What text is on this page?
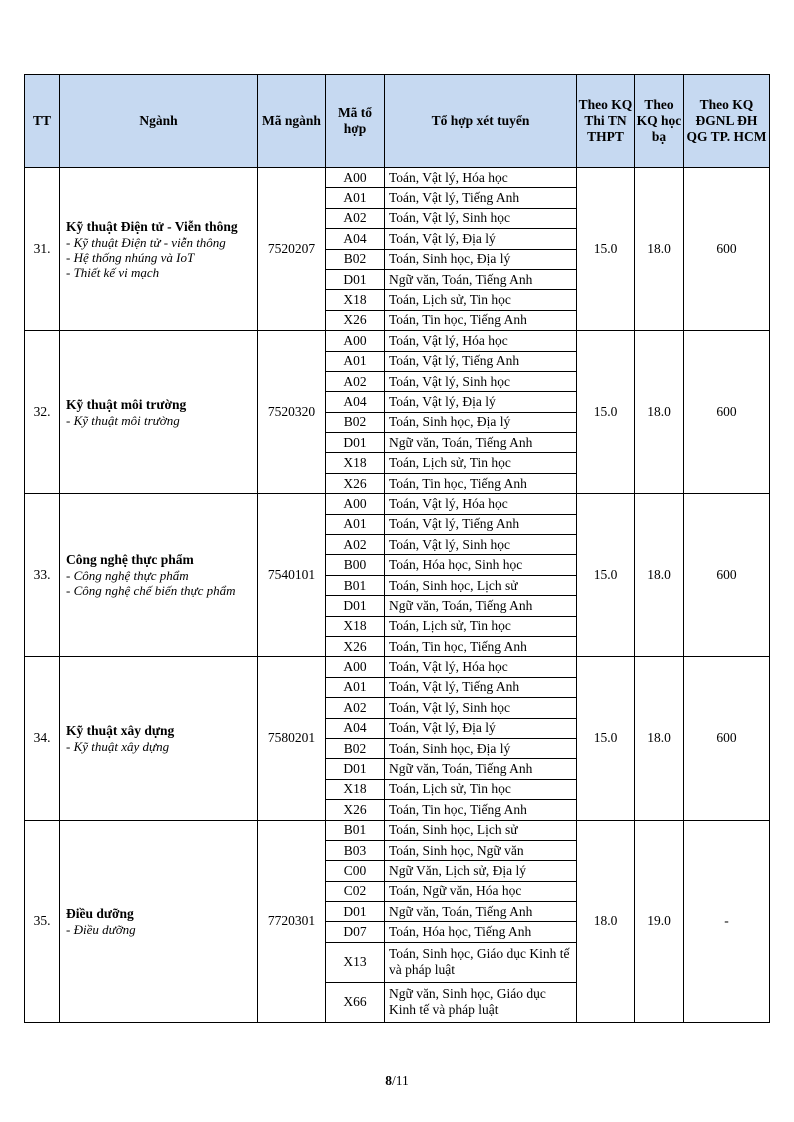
TT	Ngành	Mã ngành	Mã tổ hợp	Tổ hợp xét tuyển	Theo KQ Thi TN THPT	Theo KQ học bạ	Theo KQ ĐGNL ĐH QG TP. HCM
31.	Kỹ thuật Điện tử - Viễn thông
- Kỹ thuật Điện tử - viễn thông
- Hệ thống nhúng và IoT
- Thiết kế vi mạch	7520207	A00	Toán, Vật lý, Hóa học	15.0	18.0	600
			A01	Toán, Vật lý, Tiếng Anh			
			A02	Toán, Vật lý, Sinh học			
			A04	Toán, Vật lý, Địa lý			
			B02	Toán, Sinh học, Địa lý			
			D01	Ngữ văn, Toán, Tiếng Anh			
			X18	Toán, Lịch sử, Tin học			
			X26	Toán, Tin học, Tiếng Anh			
32.	Kỹ thuật môi trường
- Kỹ thuật môi trường	7520320	A00	Toán, Vật lý, Hóa học	15.0	18.0	600
			A01	Toán, Vật lý, Tiếng Anh			
			A02	Toán, Vật lý, Sinh học			
			A04	Toán, Vật lý, Địa lý			
			B02	Toán, Sinh học, Địa lý			
			D01	Ngữ văn, Toán, Tiếng Anh			
			X18	Toán, Lịch sử, Tin học			
			X26	Toán, Tin học, Tiếng Anh			
33.	Công nghệ thực phẩm
- Công nghệ thực phẩm
- Công nghệ chế biến thực phẩm	7540101	A00	Toán, Vật lý, Hóa học	15.0	18.0	600
			A01	Toán, Vật lý, Tiếng Anh			
			A02	Toán, Vật lý, Sinh học			
			B00	Toán, Hóa học, Sinh học			
			B01	Toán, Sinh học, Lịch sử			
			D01	Ngữ văn, Toán, Tiếng Anh			
			X18	Toán, Lịch sử, Tin học			
			X26	Toán, Tin học, Tiếng Anh			
34.	Kỹ thuật xây dựng
- Kỹ thuật xây dựng	7580201	A00	Toán, Vật lý, Hóa học	15.0	18.0	600
			A01	Toán, Vật lý, Tiếng Anh			
			A02	Toán, Vật lý, Sinh học			
			A04	Toán, Vật lý, Địa lý			
			B02	Toán, Sinh học, Địa lý			
			D01	Ngữ văn, Toán, Tiếng Anh			
			X18	Toán, Lịch sử, Tin học			
			X26	Toán, Tin học, Tiếng Anh			
35.	Điều dưỡng
- Điều dưỡng	7720301	B01	Toán, Sinh học, Lịch sử	18.0	19.0	-
			B03	Toán, Sinh học, Ngữ văn			
			C00	Ngữ Văn, Lịch sử, Địa lý			
			C02	Toán, Ngữ văn, Hóa học			
			D01	Ngữ văn, Toán, Tiếng Anh			
			D07	Toán, Hóa học, Tiếng Anh			
			X13	Toán, Sinh học, Giáo dục Kinh tế và pháp luật			
			X66	Ngữ văn, Sinh học, Giáo dục Kinh tế và pháp luật			
8/11
